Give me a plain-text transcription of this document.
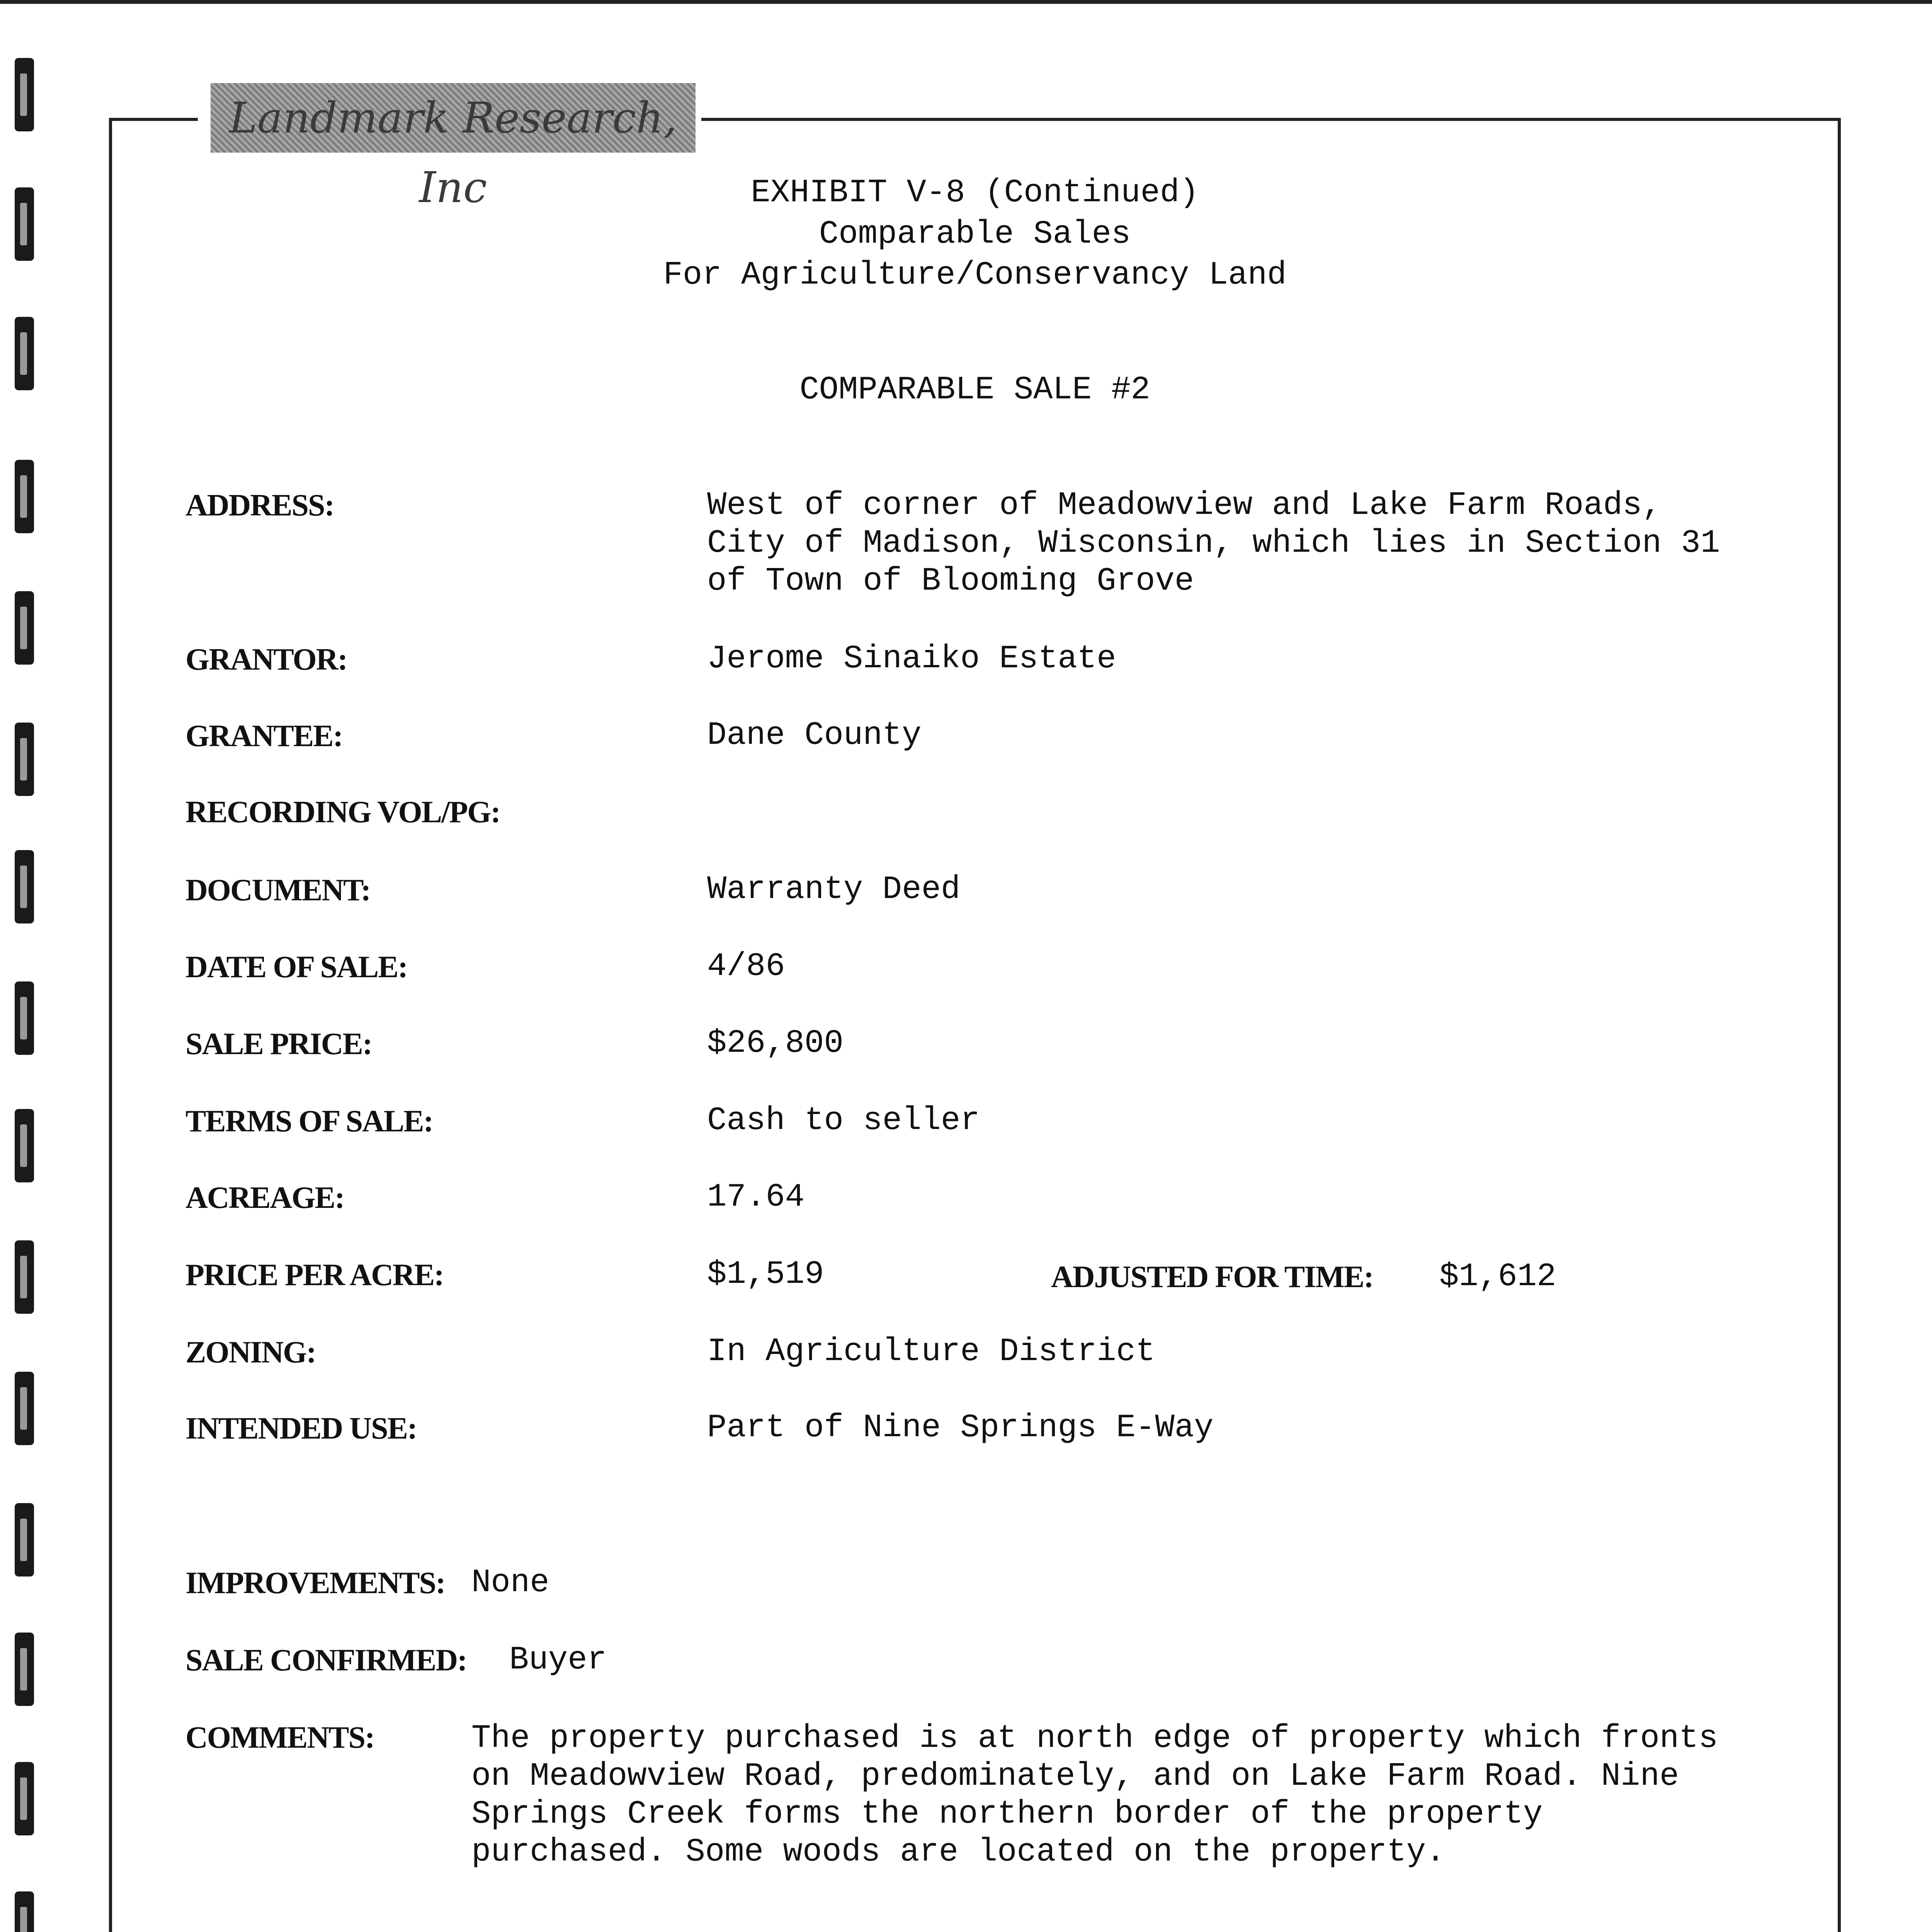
Landmark Research, Inc	EXHIBIT V-8 (Continued)
Comparable Sales
For Agriculture/Conservancy Land
COMPARABLE SALE #2
ADDRESS:	West of corner of Meadowview and Lake Farm Roads,
City of Madison, Wisconsin, which lies in Section 31
of Town of Blooming Grove
GRANTOR:	Jerome Sinaiko Estate
GRANTEE:	Dane County
RECORDING VOL/PG:
DOCUMENT:	Warranty Deed
DATE OF SALE:	4/86
SALE PRICE:	$26,800
TERMS OF SALE:	Cash to seller
ACREAGE:	17.64
PRICE PER ACRE:	$1,519	ADJUSTED FOR TIME: $1,612
ZONING:	In Agriculture District
INTENDED USE:	Part of Nine Springs E-Way
IMPROVEMENTS: None
SALE CONFIRMED: Buyer
COMMENTS:	The property purchased is at north edge of property which fronts
on Meadowview Road, predominately, and on Lake Farm Road. Nine
Springs Creek forms the northern border of the property
purchased. Some woods are located on the property.
